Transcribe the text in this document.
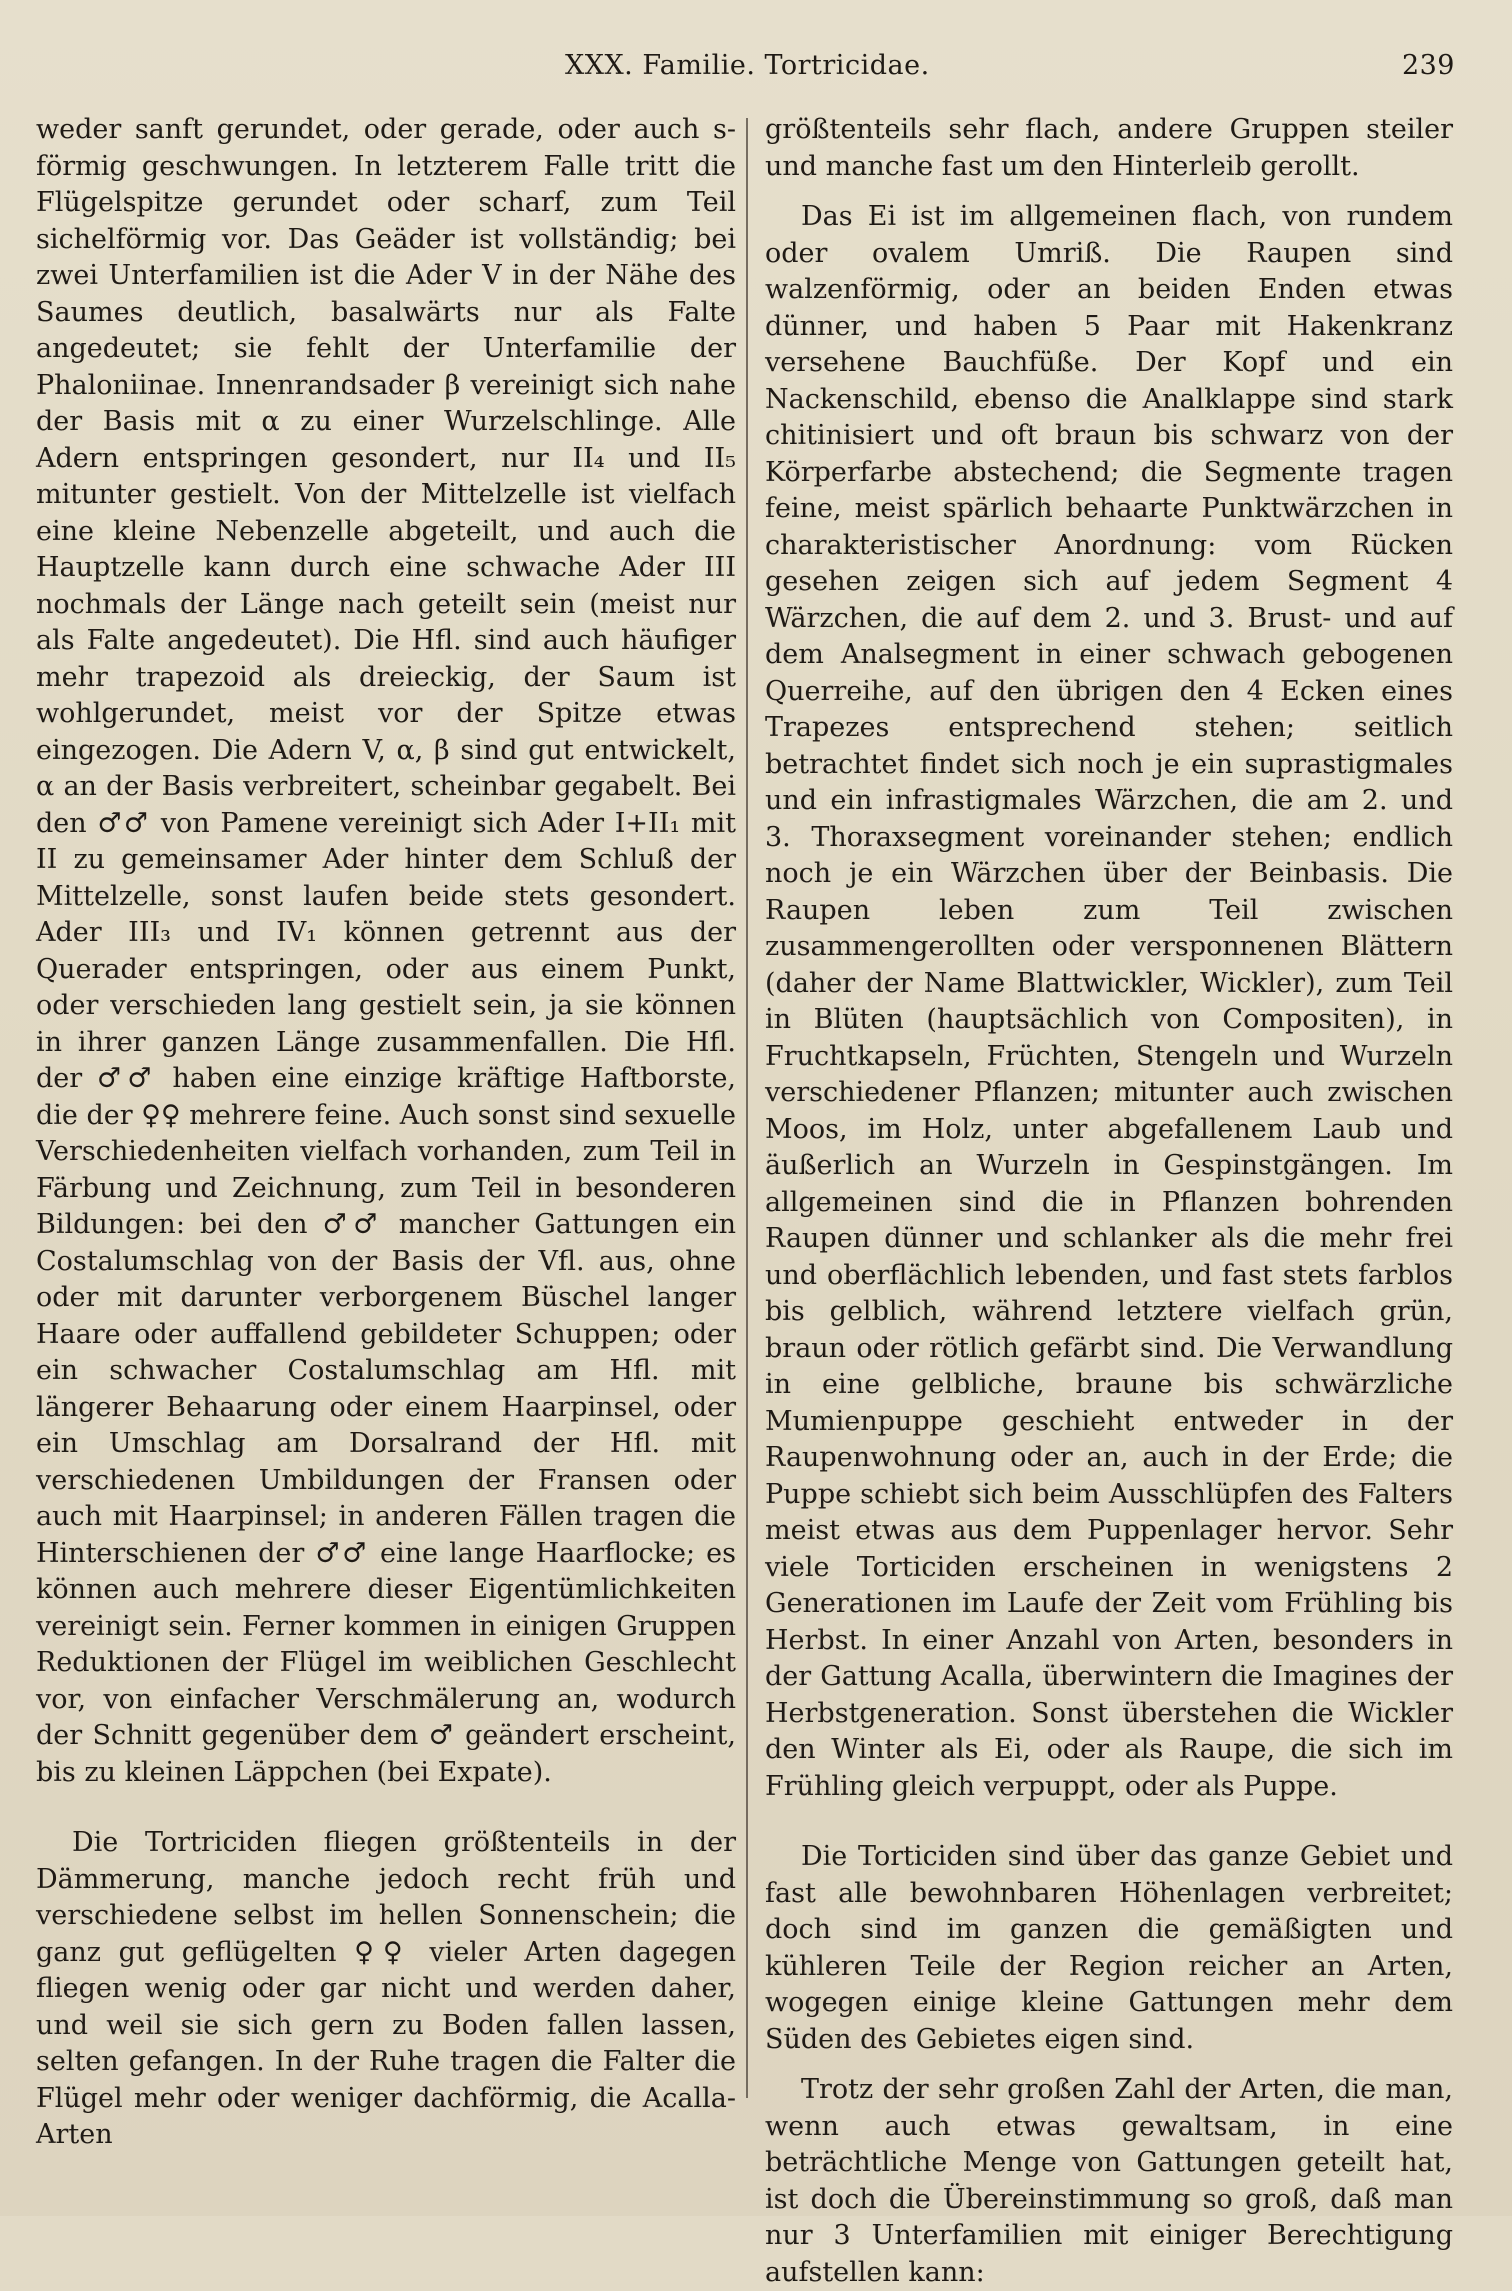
XXX. Familie. Tortricidae.	239

weder sanft gerundet, oder gerade, oder auch s-förmig geschwungen. In letzterem Falle tritt die Flügelspitze gerundet oder scharf, zum Teil sichelförmig vor. Das Geäder ist vollständig; bei zwei Unterfamilien ist die Ader V in der Nähe des Saumes deutlich, basalwärts nur als Falte angedeutet; sie fehlt der Unterfamilie der Phaloniinae. Innenrandsader β vereinigt sich nahe der Basis mit α zu einer Wurzelschlinge. Alle Adern entspringen gesondert, nur II₄ und II₅ mitunter gestielt. Von der Mittelzelle ist vielfach eine kleine Nebenzelle abgeteilt, und auch die Hauptzelle kann durch eine schwache Ader III nochmals der Länge nach geteilt sein (meist nur als Falte angedeutet). Die Hfl. sind auch häufiger mehr trapezoid als dreieckig, der Saum ist wohlgerundet, meist vor der Spitze etwas eingezogen. Die Adern V, α, β sind gut entwickelt, α an der Basis verbreitert, scheinbar gegabelt. Bei den ♂♂ von Pamene vereinigt sich Ader I+II₁ mit II zu gemeinsamer Ader hinter dem Schluß der Mittelzelle, sonst laufen beide stets gesondert. Ader III₃ und IV₁ können getrennt aus der Querader entspringen, oder aus einem Punkt, oder verschieden lang gestielt sein, ja sie können in ihrer ganzen Länge zusammenfallen. Die Hfl. der ♂♂ haben eine einzige kräftige Haftborste, die der ♀♀ mehrere feine. Auch sonst sind sexuelle Verschiedenheiten vielfach vorhanden, zum Teil in Färbung und Zeichnung, zum Teil in besonderen Bildungen: bei den ♂♂ mancher Gattungen ein Costalumschlag von der Basis der Vfl. aus, ohne oder mit darunter verborgenem Büschel langer Haare oder auffallend gebildeter Schuppen; oder ein schwacher Costalumschlag am Hfl. mit längerer Behaarung oder einem Haarpinsel, oder ein Umschlag am Dorsalrand der Hfl. mit verschiedenen Umbildungen der Fransen oder auch mit Haarpinsel; in anderen Fällen tragen die Hinterschienen der ♂♂ eine lange Haarflocke; es können auch mehrere dieser Eigentümlichkeiten vereinigt sein. Ferner kommen in einigen Gruppen Reduktionen der Flügel im weiblichen Geschlecht vor, von einfacher Verschmälerung an, wodurch der Schnitt gegenüber dem ♂ geändert erscheint, bis zu kleinen Läppchen (bei Expate).

Die Tortriciden fliegen größtenteils in der Dämmerung, manche jedoch recht früh und verschiedene selbst im hellen Sonnenschein; die ganz gut geflügelten ♀♀ vieler Arten dagegen fliegen wenig oder gar nicht und werden daher, und weil sie sich gern zu Boden fallen lassen, selten gefangen. In der Ruhe tragen die Falter die Flügel mehr oder weniger dachförmig, die Acalla-Arten

größtenteils sehr flach, andere Gruppen steiler und manche fast um den Hinterleib gerollt.

Das Ei ist im allgemeinen flach, von rundem oder ovalem Umriß. Die Raupen sind walzenförmig, oder an beiden Enden etwas dünner, und haben 5 Paar mit Hakenkranz versehene Bauchfüße. Der Kopf und ein Nackenschild, ebenso die Analklappe sind stark chitinisiert und oft braun bis schwarz von der Körperfarbe abstechend; die Segmente tragen feine, meist spärlich behaarte Punktwärzchen in charakteristischer Anordnung: vom Rücken gesehen zeigen sich auf jedem Segment 4 Wärzchen, die auf dem 2. und 3. Brust- und auf dem Analsegment in einer schwach gebogenen Querreihe, auf den übrigen den 4 Ecken eines Trapezes entsprechend stehen; seitlich betrachtet findet sich noch je ein suprastigmales und ein infrastigmales Wärzchen, die am 2. und 3. Thoraxsegment voreinander stehen; endlich noch je ein Wärzchen über der Beinbasis. Die Raupen leben zum Teil zwischen zusammengerollten oder versponnenen Blättern (daher der Name Blattwickler, Wickler), zum Teil in Blüten (hauptsächlich von Compositen), in Fruchtkapseln, Früchten, Stengeln und Wurzeln verschiedener Pflanzen; mitunter auch zwischen Moos, im Holz, unter abgefallenem Laub und äußerlich an Wurzeln in Gespinstgängen. Im allgemeinen sind die in Pflanzen bohrenden Raupen dünner und schlanker als die mehr frei und oberflächlich lebenden, und fast stets farblos bis gelblich, während letztere vielfach grün, braun oder rötlich gefärbt sind. Die Verwandlung in eine gelbliche, braune bis schwärzliche Mumienpuppe geschieht entweder in der Raupenwohnung oder an, auch in der Erde; die Puppe schiebt sich beim Ausschlüpfen des Falters meist etwas aus dem Puppenlager hervor. Sehr viele Torticiden erscheinen in wenigstens 2 Generationen im Laufe der Zeit vom Frühling bis Herbst. In einer Anzahl von Arten, besonders in der Gattung Acalla, überwintern die Imagines der Herbstgeneration. Sonst überstehen die Wickler den Winter als Ei, oder als Raupe, die sich im Frühling gleich verpuppt, oder als Puppe.

Die Torticiden sind über das ganze Gebiet und fast alle bewohnbaren Höhenlagen verbreitet; doch sind im ganzen die gemäßigten und kühleren Teile der Region reicher an Arten, wogegen einige kleine Gattungen mehr dem Süden des Gebietes eigen sind.

Trotz der sehr großen Zahl der Arten, die man, wenn auch etwas gewaltsam, in eine beträchtliche Menge von Gattungen geteilt hat, ist doch die Übereinstimmung so groß, daß man nur 3 Unterfamilien mit einiger Berechtigung aufstellen kann:
